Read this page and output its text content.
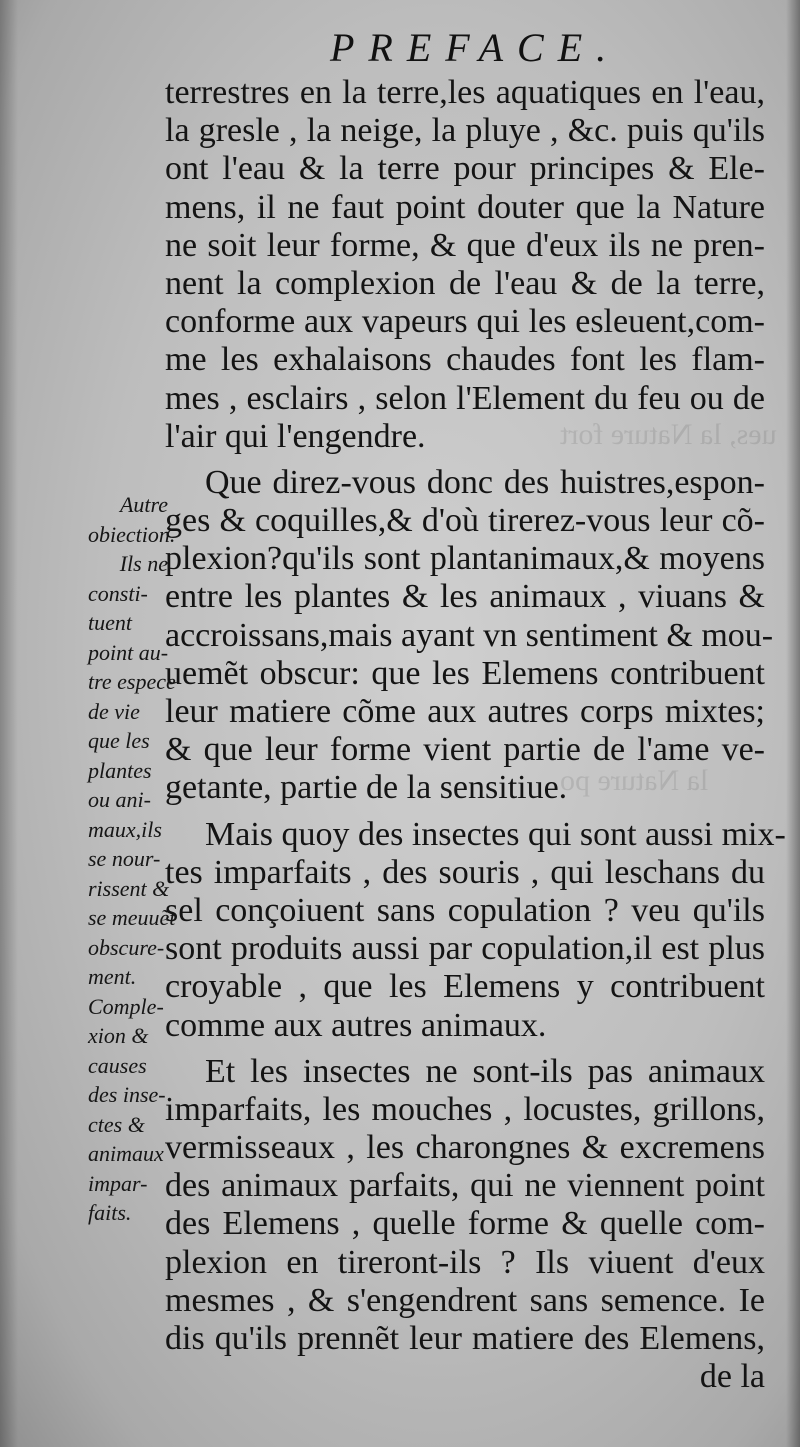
ues, la Nature fort
la Nature po
PREFACE.
terrestres en la terre,les aquatiques en l'eau,
la gresle , la neige, la pluye , &c. puis qu'ils
ont l'eau & la terre pour principes & Ele-
mens, il ne faut point douter que la Nature
ne soit leur forme, & que d'eux ils ne pren-
nent la complexion de l'eau & de la terre,
conforme aux vapeurs qui les esleuent,com-
me les exhalaisons chaudes font les flam-
mes , esclairs , selon l'Element du feu ou de
l'air qui l'engendre.
Que direz-vous donc des huistres,espon-
ges & coquilles,& d'où tirerez-vous leur cõ-
plexion?qu'ils sont plantanimaux,& moyens
entre les plantes & les animaux , viuans &
accroissans,mais ayant vn sentiment & mou-
uemẽt obscur: que les Elemens contribuent
leur matiere cõme aux autres corps mixtes;
& que leur forme vient partie de l'ame ve-
getante, partie de la sensitiue.
Mais quoy des insectes qui sont aussi mix-
tes imparfaits , des souris , qui leschans du
sel conçoiuent sans copulation ? veu qu'ils
sont produits aussi par copulation,il est plus
croyable , que les Elemens y contribuent
comme aux autres animaux.
Et les insectes ne sont-ils pas animaux
imparfaits, les mouches , locustes, grillons,
vermisseaux , les charongnes & excremens
des animaux parfaits, qui ne viennent point
des Elemens , quelle forme & quelle com-
plexion en tireront-ils ? Ils viuent d'eux
mesmes , & s'engendrent sans semence. Ie
dis qu'ils prennẽt leur matiere des Elemens,
de la
Autre
obiection.
Ils ne
consti-
tuent
point au-
tre espece
de vie
que les
plantes
ou ani-
maux,ils
se nour-
rissent &
se meuuẽt
obscure-
ment.
Comple-
xion &
causes
des inse-
ctes &
animaux
impar-
faits.
